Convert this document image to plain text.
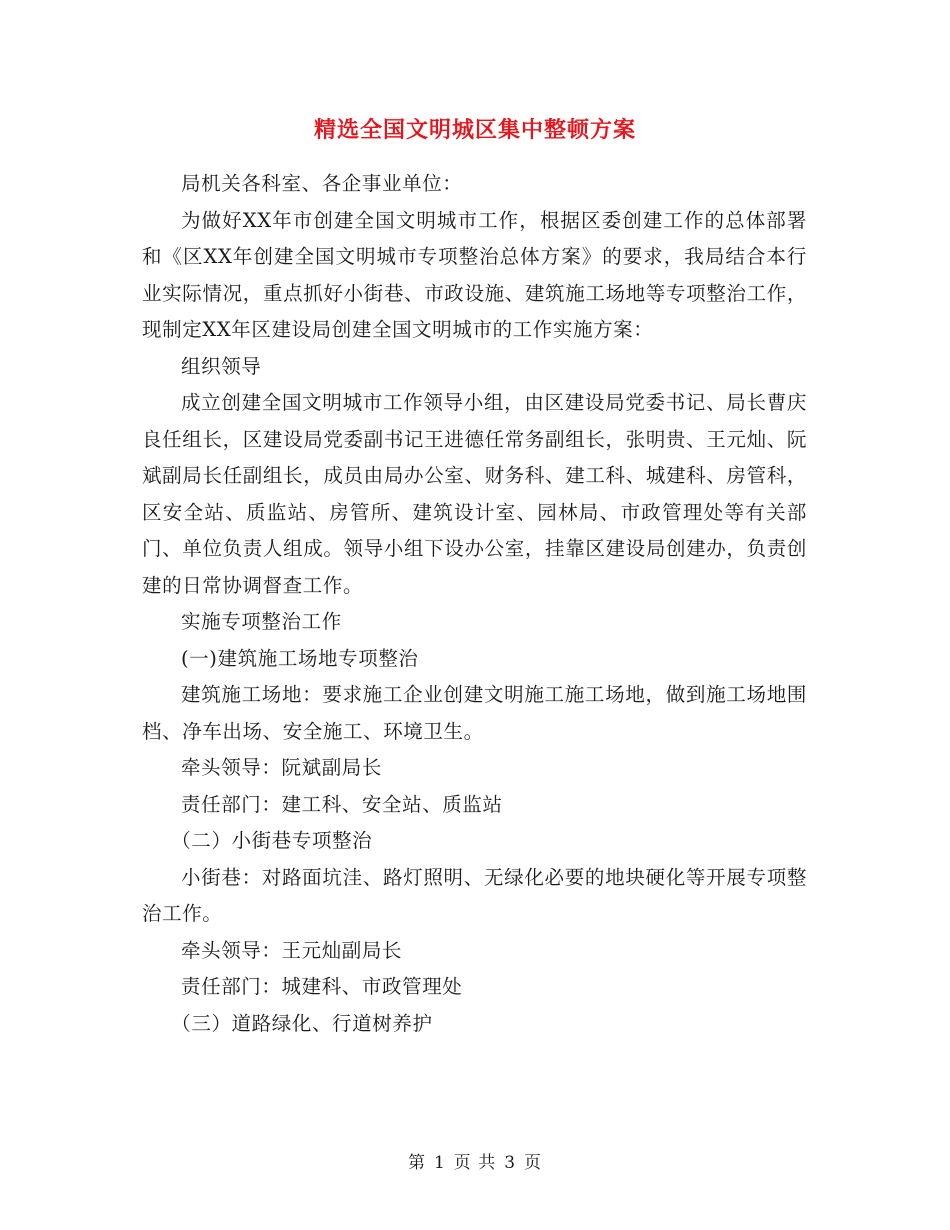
精选全国文明城区集中整顿方案

局机关各科室、各企事业单位：

为做好XX年市创建全国文明城市工作，根据区委创建工作的总体部署和《区XX年创建全国文明城市专项整治总体方案》的要求，我局结合本行业实际情况，重点抓好小街巷、市政设施、建筑施工场地等专项整治工作，现制定XX年区建设局创建全国文明城市的工作实施方案：

组织领导

成立创建全国文明城市工作领导小组，由区建设局党委书记、局长曹庆良任组长，区建设局党委副书记王进德任常务副组长，张明贵、王元灿、阮斌副局长任副组长，成员由局办公室、财务科、建工科、城建科、房管科，区安全站、质监站、房管所、建筑设计室、园林局、市政管理处等有关部门、单位负责人组成。领导小组下设办公室，挂靠区建设局创建办，负责创建的日常协调督查工作。

实施专项整治工作

(一)建筑施工场地专项整治

建筑施工场地：要求施工企业创建文明施工施工场地，做到施工场地围档、净车出场、安全施工、环境卫生。

牵头领导：阮斌副局长

责任部门：建工科、安全站、质监站

（二）小街巷专项整治

小街巷：对路面坑洼、路灯照明、无绿化必要的地块硬化等开展专项整治工作。

牵头领导：王元灿副局长

责任部门：城建科、市政管理处

（三）道路绿化、行道树养护

第 1 页 共 3 页
